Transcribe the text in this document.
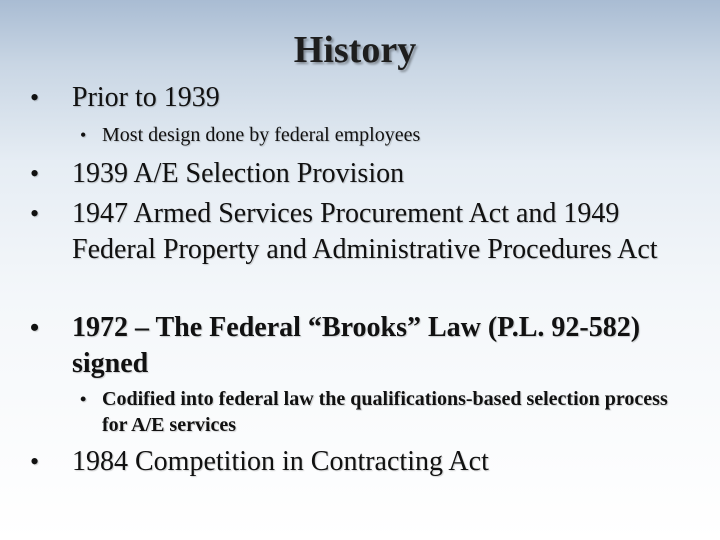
History
• Prior to 1939
• Most design done by federal employees
• 1939 A/E Selection Provision
• 1947 Armed Services Procurement Act and 1949 Federal Property and Administrative Procedures Act
• 1972 – The Federal “Brooks” Law (P.L. 92-582) signed
• Codified into federal law the qualifications-based selection process for A/E services
• 1984 Competition in Contracting Act
